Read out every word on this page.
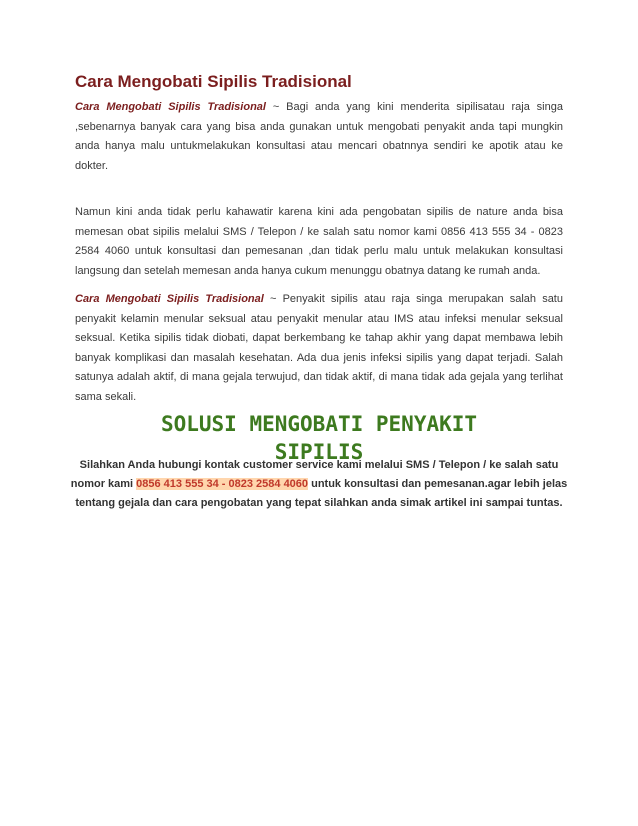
Cara Mengobati Sipilis Tradisional

Cara Mengobati Sipilis Tradisional ~ Bagi anda yang kini menderita sipilisatau raja singa ,sebenarnya banyak cara yang bisa anda gunakan untuk mengobati penyakit anda tapi mungkin anda hanya malu untukmelakukan konsultasi atau mencari obatnnya sendiri ke apotik atau ke dokter.

Namun kini anda tidak perlu kahawatir karena kini ada pengobatan sipilis de nature anda bisa memesan obat sipilis melalui SMS / Telepon / ke salah satu nomor kami 0856 413 555 34 - 0823 2584 4060 untuk konsultasi dan pemesanan ,dan tidak perlu malu untuk melakukan konsultasi langsung dan setelah memesan anda hanya cukum menunggu obatnya datang ke rumah anda.

Cara Mengobati Sipilis Tradisional ~ Penyakit sipilis atau raja singa merupakan salah satu penyakit kelamin menular seksual atau penyakit menular atau IMS atau infeksi menular seksual seksual. Ketika sipilis tidak diobati, dapat berkembang ke tahap akhir yang dapat membawa lebih banyak komplikasi dan masalah kesehatan. Ada dua jenis infeksi sipilis yang dapat terjadi. Salah satunya adalah aktif, di mana gejala terwujud, dan tidak aktif, di mana tidak ada gejala yang terlihat sama sekali.

SOLUSI MENGOBATI PENYAKIT
SIPILIS

Silahkan Anda hubungi kontak customer service kami melalui SMS / Telepon / ke salah satu nomor kami 0856 413 555 34 - 0823 2584 4060 untuk konsultasi dan pemesanan.agar lebih jelas tentang gejala dan cara pengobatan yang tepat silahkan anda simak artikel ini sampai tuntas.
